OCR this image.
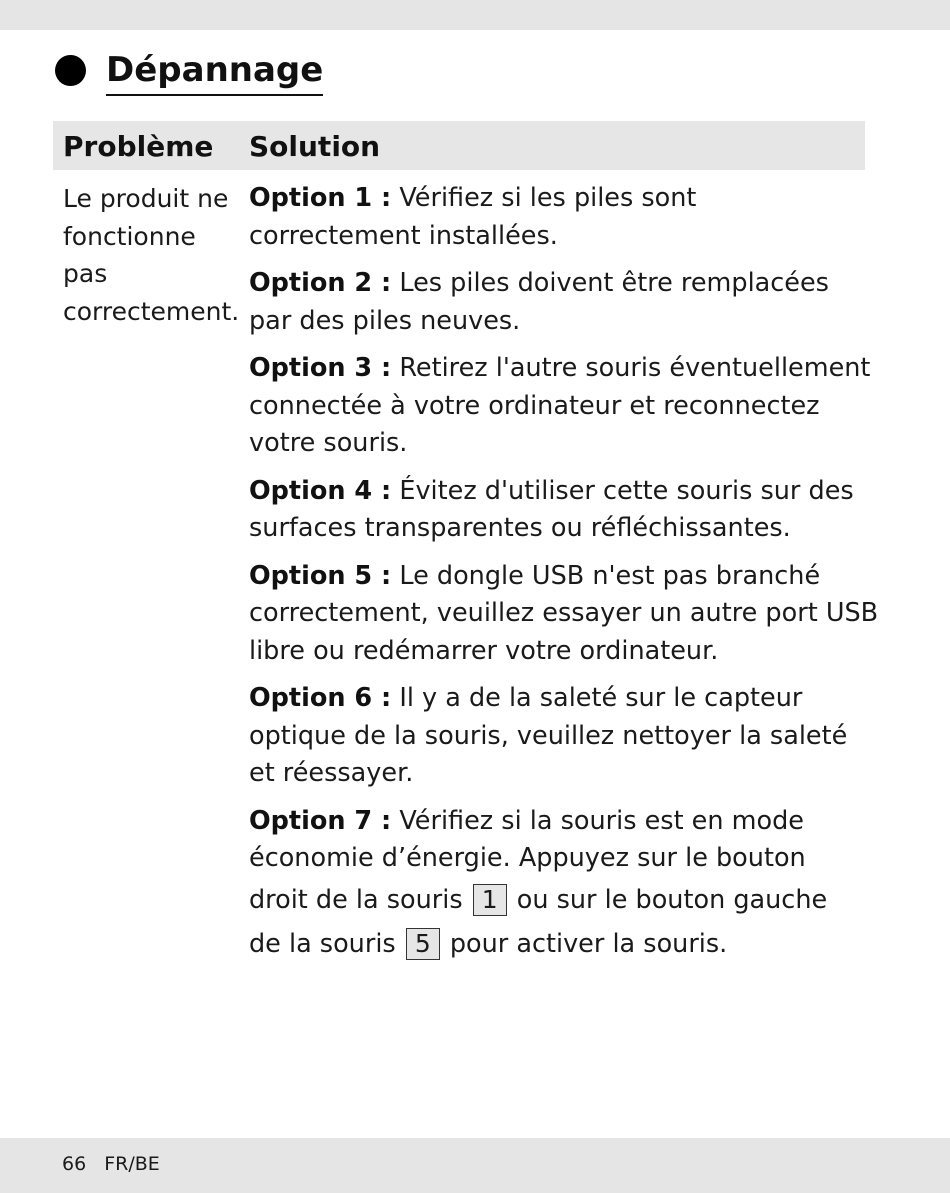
Dépannage
Problème Solution
Le produit ne
fonctionne
pas
correctement.
Option 1 : Vérifiez si les piles sont
correctement installées.
Option 2 : Les piles doivent être remplacées
par des piles neuves.
Option 3 : Retirez l'autre souris éventuellement
connectée à votre ordinateur et reconnectez
votre souris.
Option 4 : Évitez d'utiliser cette souris sur des
surfaces transparentes ou réfléchissantes.
Option 5 : Le dongle USB n'est pas branché
correctement, veuillez essayer un autre port USB
libre ou redémarrer votre ordinateur.
Option 6 : Il y a de la saleté sur le capteur
optique de la souris, veuillez nettoyer la saleté
et réessayer.
Option 7 : Vérifiez si la souris est en mode
économie d’énergie. Appuyez sur le bouton
droit de la souris 1 ou sur le bouton gauche
de la souris 5 pour activer la souris.
66 FR/BE
